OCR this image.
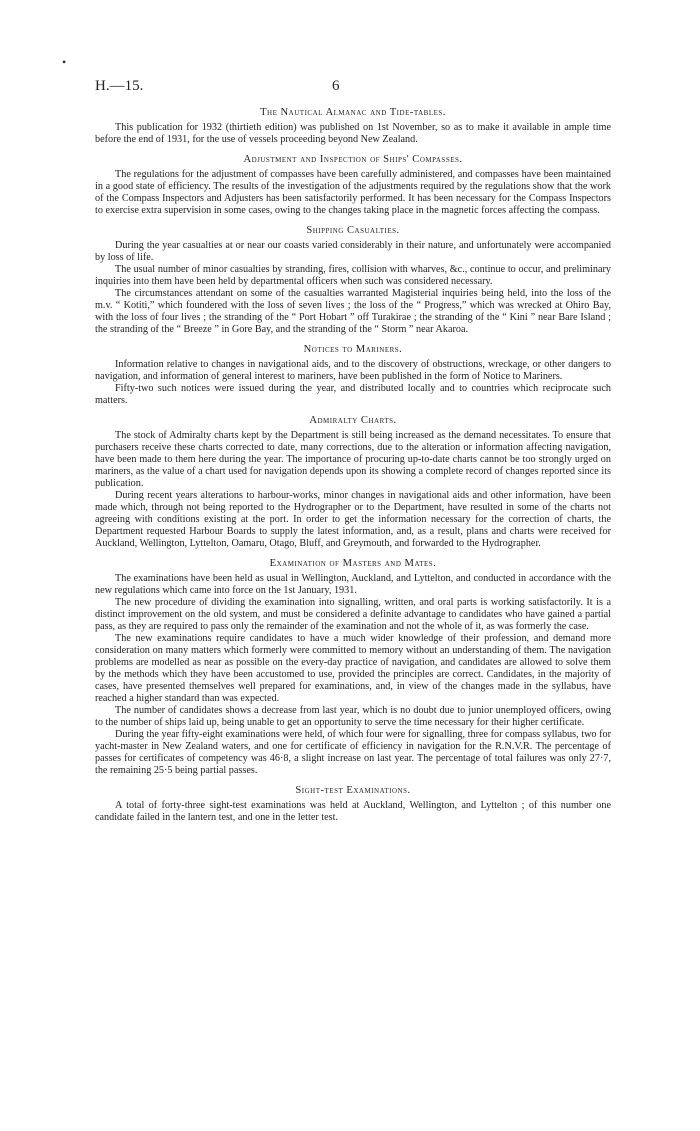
•
H.—15.	6
The Nautical Almanac and Tide-tables.

This publication for 1932 (thirtieth edition) was published on 1st November, so as to make it available in ample time before the end of 1931, for the use of vessels proceeding beyond New Zealand.

Adjustment and Inspection of Ships' Compasses.

The regulations for the adjustment of compasses have been carefully administered, and compasses have been maintained in a good state of efficiency. The results of the investigation of the adjustments required by the regulations show that the work of the Compass Inspectors and Adjusters has been satisfactorily performed. It has been necessary for the Compass Inspectors to exercise extra supervision in some cases, owing to the changes taking place in the magnetic forces affecting the compass.

Shipping Casualties.

During the year casualties at or near our coasts varied considerably in their nature, and unfortunately were accompanied by loss of life.

The usual number of minor casualties by stranding, fires, collision with wharves, &c., continue to occur, and preliminary inquiries into them have been held by departmental officers when such was considered necessary.

The circumstances attendant on some of the casualties warranted Magisterial inquiries being held, into the loss of the m.v. “ Kotiti,” which foundered with the loss of seven lives ; the loss of the “ Progress,” which was wrecked at Ohiro Bay, with the loss of four lives ; the stranding of the “ Port Hobart ” off Turakirae ; the stranding of the “ Kini ” near Bare Island ; the stranding of the “ Breeze ” in Gore Bay, and the stranding of the “ Storm ” near Akaroa.

Notices to Mariners.

Information relative to changes in navigational aids, and to the discovery of obstructions, wreckage, or other dangers to navigation, and information of general interest to mariners, have been published in the form of Notice to Mariners.

Fifty-two such notices were issued during the year, and distributed locally and to countries which reciprocate such matters.

Admiralty Charts.

The stock of Admiralty charts kept by the Department is still being increased as the demand necessitates. To ensure that purchasers receive these charts corrected to date, many corrections, due to the alteration or information affecting navigation, have been made to them here during the year. The importance of procuring up-to-date charts cannot be too strongly urged on mariners, as the value of a chart used for navigation depends upon its showing a complete record of changes reported since its publication.

During recent years alterations to harbour-works, minor changes in navigational aids and other information, have been made which, through not being reported to the Hydrographer or to the Department, have resulted in some of the charts not agreeing with conditions existing at the port. In order to get the information necessary for the correction of charts, the Department requested Harbour Boards to supply the latest information, and, as a result, plans and charts were received for Auckland, Wellington, Lyttelton, Oamaru, Otago, Bluff, and Greymouth, and forwarded to the Hydrographer.

Examination of Masters and Mates.

The examinations have been held as usual in Wellington, Auckland, and Lyttelton, and conducted in accordance with the new regulations which came into force on the 1st January, 1931.

The new procedure of dividing the examination into signalling, written, and oral parts is working satisfactorily. It is a distinct improvement on the old system, and must be considered a definite advantage to candidates who have gained a partial pass, as they are required to pass only the remainder of the examination and not the whole of it, as was formerly the case.

The new examinations require candidates to have a much wider knowledge of their profession, and demand more consideration on many matters which formerly were committed to memory without an understanding of them. The navigation problems are modelled as near as possible on the every-day practice of navigation, and candidates are allowed to solve them by the methods which they have been accustomed to use, provided the principles are correct. Candidates, in the majority of cases, have presented themselves well prepared for examinations, and, in view of the changes made in the syllabus, have reached a higher standard than was expected.

The number of candidates shows a decrease from last year, which is no doubt due to junior unemployed officers, owing to the number of ships laid up, being unable to get an opportunity to serve the time necessary for their higher certificate.

During the year fifty-eight examinations were held, of which four were for signalling, three for compass syllabus, two for yacht-master in New Zealand waters, and one for certificate of efficiency in navigation for the R.N.V.R. The percentage of passes for certificates of competency was 46·8, a slight increase on last year. The percentage of total failures was only 27·7, the remaining 25·5 being partial passes.

Sight-test Examinations.

A total of forty-three sight-test examinations was held at Auckland, Wellington, and Lyttelton ; of this number one candidate failed in the lantern test, and one in the letter test.
